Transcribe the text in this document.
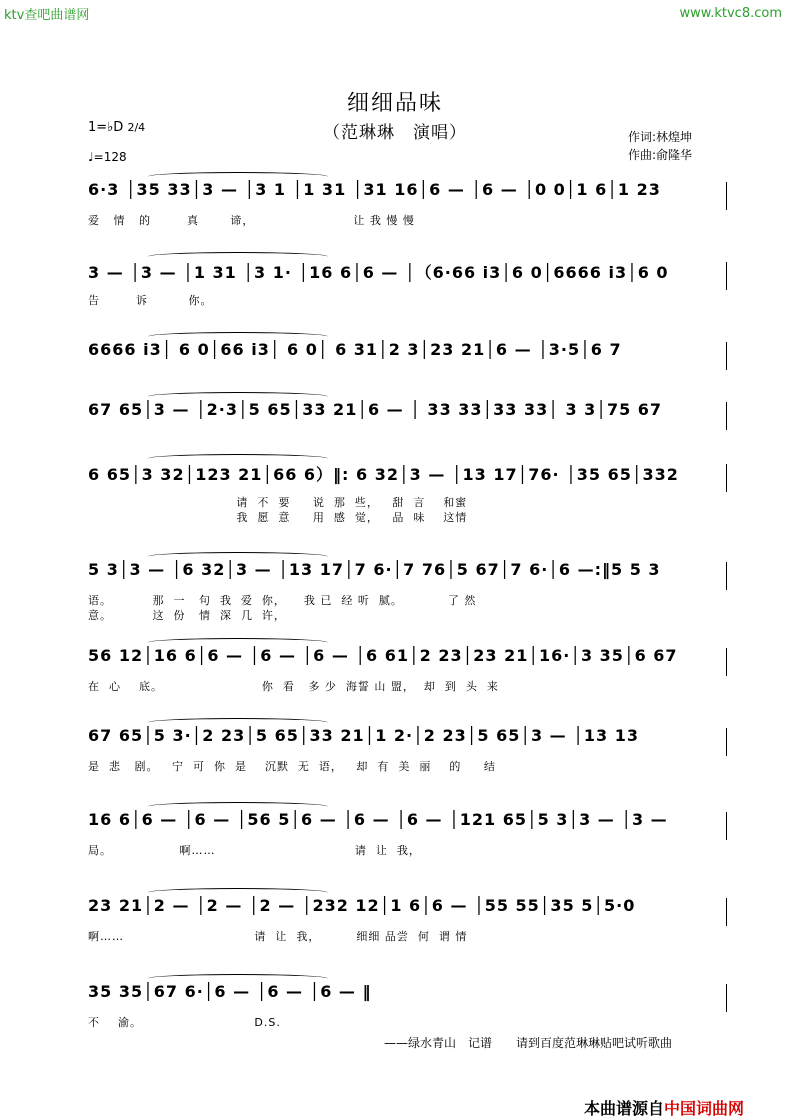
ktv查吧曲谱网	www.ktvc8.com
细细品味
（范琳琳　演唱）	作词:林煌坤
作曲:俞隆华
1=♭D 2/4
♩=128
6·3 │35 33│3 — │3 1 │1 31 │31 16│6 — │6 — │0 0│1 6│1 23
爱   情   的        真       谛，                      让 我 慢 慢
3 — │3 — │1 31 │3 1· │16 6│6 — │（6·66 i3│6 0│6666 i3│6 0
告        诉         你。
6666 i3│ 6 0│66 i3│ 6 0│ 6 31│2 3│23 21│6 — │3·5│6 7
67 65│3 — │2·3│5 65│33 21│6 — │ 33 33│33 33│ 3 3│75 67
6 65│3 32│123 21│66 6）‖: 6 32│3 — │13 17│76· │35 65│332
请  不  要     说  那  些，   甜  言    和蜜
我  愿  意     用  感  觉，   品  味    这情
5 3│3 — │6 32│3 — │13 17│7 6·│7 76│5 67│7 6·│6 —:‖5 5 3
语。         那  一   句  我  爱  你，    我 已  经 听  腻。          了 然
意。         这  份   情  深  几  许，
56 12│16 6│6 — │6 — │6 — │6 61│2 23│23 21│16·│3 35│6 67
在  心    底。                      你  看   多 少  海誓 山 盟，  却  到  头  来
67 65│5 3·│2 23│5 65│33 21│1 2·│2 23│5 65│3 — │13 13
是  悲   剧。   宁  可  你  是    沉默  无  语，   却  有  美  丽    的     结
16 6│6 — │6 — │56 5│6 — │6 — │6 — │121 65│5 3│3 — │3 —
局。               啊……                               请  让  我，
23 21│2 — │2 — │2 — │232 12│1 6│6 — │55 55│35 5│5·0
啊……                             请  让  我，        细细 品尝  何  谓 情
35 35│67 6·│6 — │6 — │6 — ‖
不    渝。                         D.S.
——绿水青山　记谱　　请到百度范琳琳贴吧试听歌曲
本曲谱源自中国词曲网
